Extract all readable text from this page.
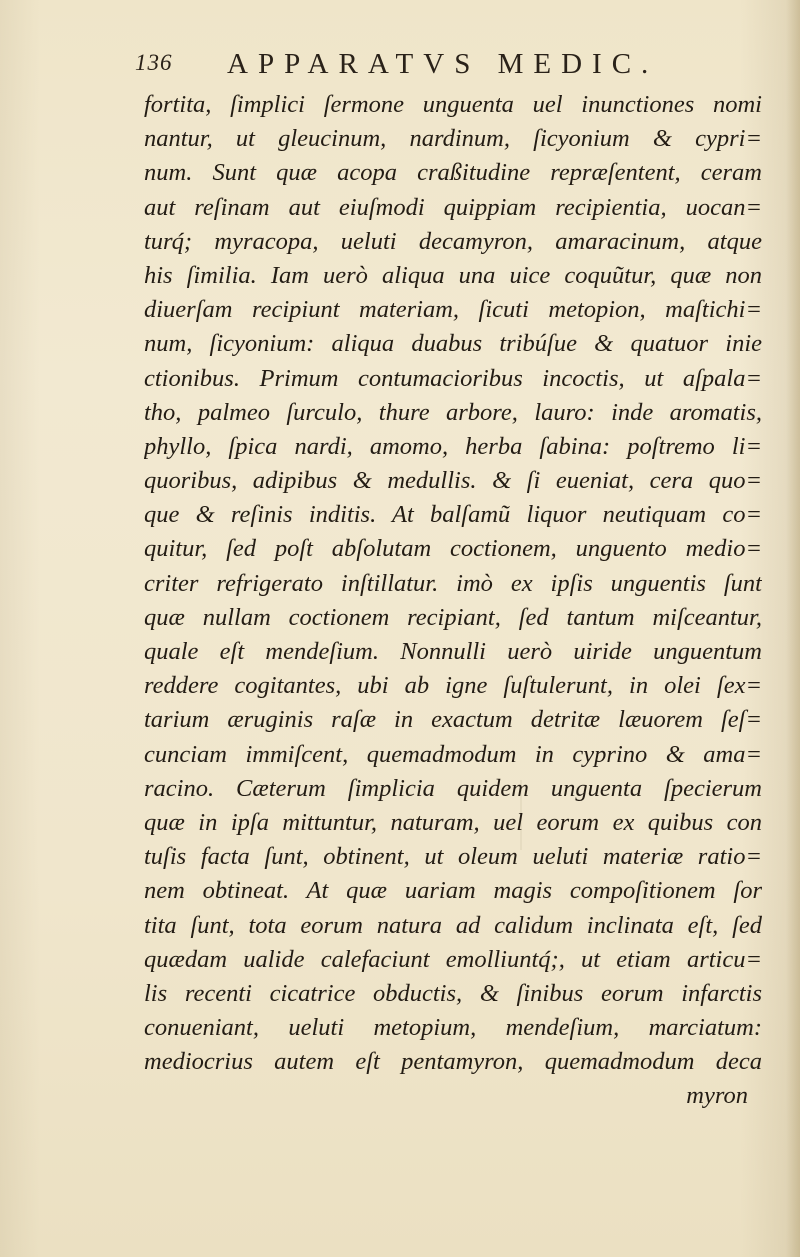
136 APPARATVS MEDIC.
fortita, ſimplici ſermone unguenta uel inunctiones nomi
nantur, ut gleucinum, nardinum, ſicyonium & cypri=
num. Sunt quæ acopa craßitudine repræſentent, ceram
aut reſinam aut eiuſmodi quippiam recipientia, uocan=
turq́; myracopa, ueluti decamyron, amaracinum, atque
his ſimilia. Iam uerò aliqua una uice coquũtur, quæ non
diuerſam recipiunt materiam, ſicuti metopion, maſtichi=
num, ſicyonium: aliqua duabus tribúſue & quatuor inie
ctionibus. Primum contumacioribus incoctis, ut aſpala=
tho, palmeo ſurculo, thure arbore, lauro: inde aromatis,
phyllo, ſpica nardi, amomo, herba ſabina: poſtremo li=
quoribus, adipibus & medullis. & ſi eueniat, cera quo=
que & reſinis inditis. At balſamũ liquor neutiquam co=
quitur, ſed poſt abſolutam coctionem, unguento medio=
criter refrigerato inſtillatur. imò ex ipſis unguentis ſunt
quæ nullam coctionem recipiant, ſed tantum miſceantur,
quale eſt mendeſium. Nonnulli uerò uiride unguentum
reddere cogitantes, ubi ab igne ſuſtulerunt, in olei ſex=
tarium æruginis raſæ in exactum detritæ læuorem ſeſ=
cunciam immiſcent, quemadmodum in cyprino & ama=
racino. Cæterum ſimplicia quidem unguenta ſpecierum
quæ in ipſa mittuntur, naturam, uel eorum ex quibus con
tuſis facta ſunt, obtinent, ut oleum ueluti materiæ ratio=
nem obtineat. At quæ uariam magis compoſitionem ſor
tita ſunt, tota eorum natura ad calidum inclinata eſt, ſed
quædam ualide calefaciunt emolliuntq́;, ut etiam articu=
lis recenti cicatrice obductis, & ſinibus eorum infarctis
conueniant, ueluti metopium, mendeſium, marciatum:
mediocrius autem eſt pentamyron, quemadmodum deca
myron
